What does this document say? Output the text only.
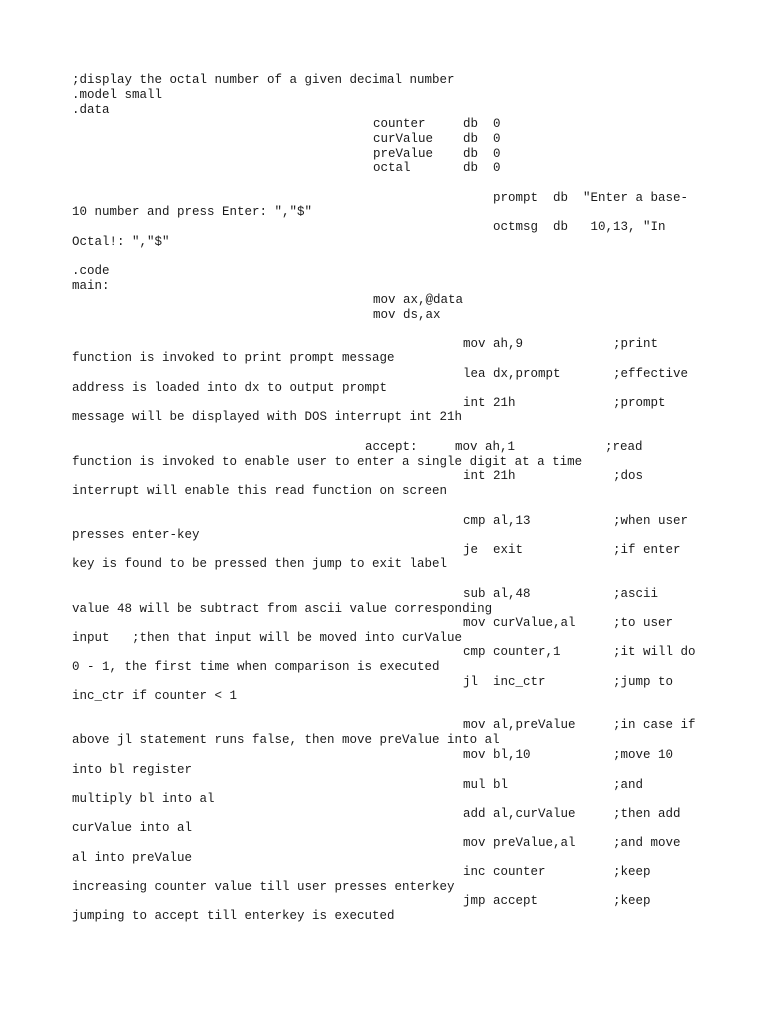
;display the octal number of a given decimal number

.model small

.data

counter     db  0

curValue    db  0

preValue    db  0

octal       db  0

prompt  db  "Enter a base-

10 number and press Enter: ","$"

octmsg  db   10,13, "In

Octal!: ","$"

.code

main:

mov ax,@data

mov ds,ax

mov ah,9            ;print

function is invoked to print prompt message

lea dx,prompt       ;effective

address is loaded into dx to output prompt

int 21h             ;prompt

message will be displayed with DOS interrupt int 21h

accept:     mov ah,1            ;read

function is invoked to enable user to enter a single digit at a time

int 21h             ;dos

interrupt will enable this read function on screen

cmp al,13           ;when user

presses enter-key

je  exit            ;if enter

key is found to be pressed then jump to exit label

sub al,48           ;ascii

value 48 will be subtract from ascii value corresponding

mov curValue,al     ;to user

input   ;then that input will be moved into curValue

cmp counter,1       ;it will do

0 - 1, the first time when comparison is executed

jl  inc_ctr         ;jump to

inc_ctr if counter < 1

mov al,preValue     ;in case if

above jl statement runs false, then move preValue into al

mov bl,10           ;move 10

into bl register

mul bl              ;and

multiply bl into al

add al,curValue     ;then add

curValue into al

mov preValue,al     ;and move

al into preValue

inc counter         ;keep

increasing counter value till user presses enterkey

jmp accept          ;keep

jumping to accept till enterkey is executed
